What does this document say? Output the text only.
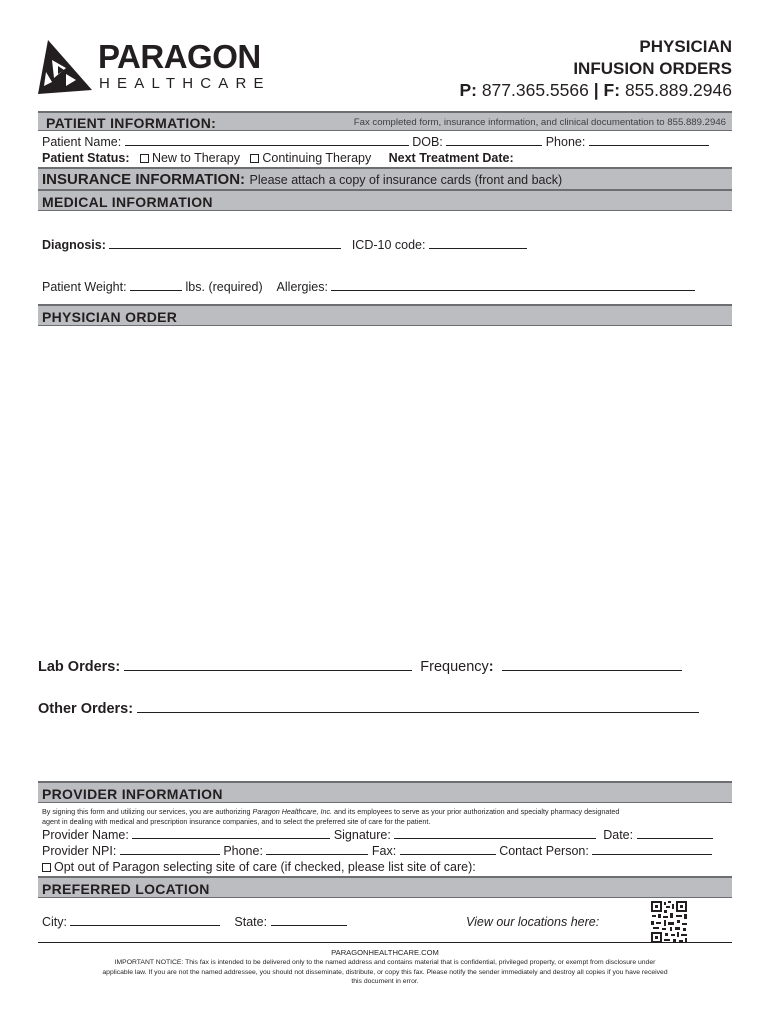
PARAGON
HEALTHCARE
PHYSICIAN
INFUSION ORDERS
P: 877.365.5566 | F: 855.889.2946
PATIENT INFORMATION:	Fax completed form, insurance information, and clinical documentation to 855.889.2946
Patient Name:	DOB:	Phone:
Patient Status: New to Therapy Continuing Therapy Next Treatment Date:
INSURANCE INFORMATION: Please attach a copy of insurance cards (front and back)
MEDICAL INFORMATION
Diagnosis:	ICD-10 code:
Patient Weight:	lbs. (required) Allergies:
PHYSICIAN ORDER
Lab Orders:	Frequency:
Other Orders:
PROVIDER INFORMATION
By signing this form and utilizing our services, you are authorizing Paragon Healthcare, Inc. and its employees to serve as your prior authorization and specialty pharmacy designated
agent in dealing with medical and prescription insurance companies, and to select the preferred site of care for the patient.
Provider Name:	Signature:	Date:
Provider NPI:	Phone:	Fax:	Contact Person:
Opt out of Paragon selecting site of care (if checked, please list site of care):
PREFERRED LOCATION
City:	State:	View our locations here:
PARAGONHEALTHCARE.COM
IMPORTANT NOTICE: This fax is intended to be delivered only to the named address and contains material that is confidential, privileged property, or exempt from disclosure under
applicable law. If you are not the named addressee, you should not disseminate, distribute, or copy this fax. Please notify the sender immediately and destroy all copies if you have received
this document in error.
